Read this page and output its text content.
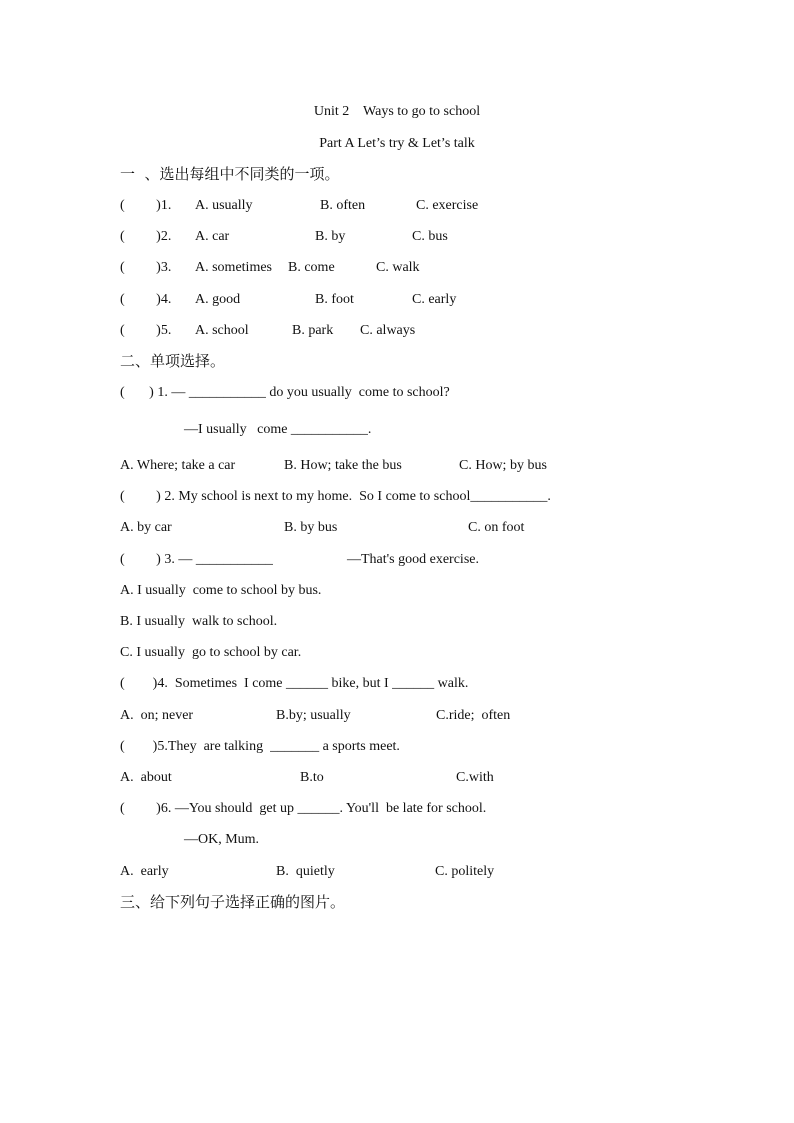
Unit 2    Ways to go to school
Part A Let’s try & Let’s talk
一  、选出每组中不同类的一项。
(         )1. A. usually	B. often	C. exercise
(         )2. A. car	B. by	C. bus
(         )3. A. sometimes B. come	C. walk
(         )4. A. good	B. foot	C. early
(         )5. A. school	B. park C. always
二、单项选择。
(       ) 1. — ___________ do you usually  come to school?
—I usually   come ___________.
A. Where; take a car	B. How; take the bus	C. How; by bus
(         ) 2. My school is next to my home.  So I come to school___________.
A. by car	B. by bus	C. on foot
(         ) 3. — ___________	—That's good exercise.
A. I usually  come to school by bus.
B. I usually  walk to school.
C. I usually  go to school by car.
(        )4.  Sometimes  I come ______ bike, but I ______ walk.
A.  on; never	B.by; usually	C.ride;  often
(        )5.They  are talking  _______ a sports meet.
A.  about	B.to	C.with
(         )6. —You should  get up ______. You'll  be late for school.
—OK, Mum.
A.  early	B.  quietly	C. politely
三、给下列句子选择正确的图片。
